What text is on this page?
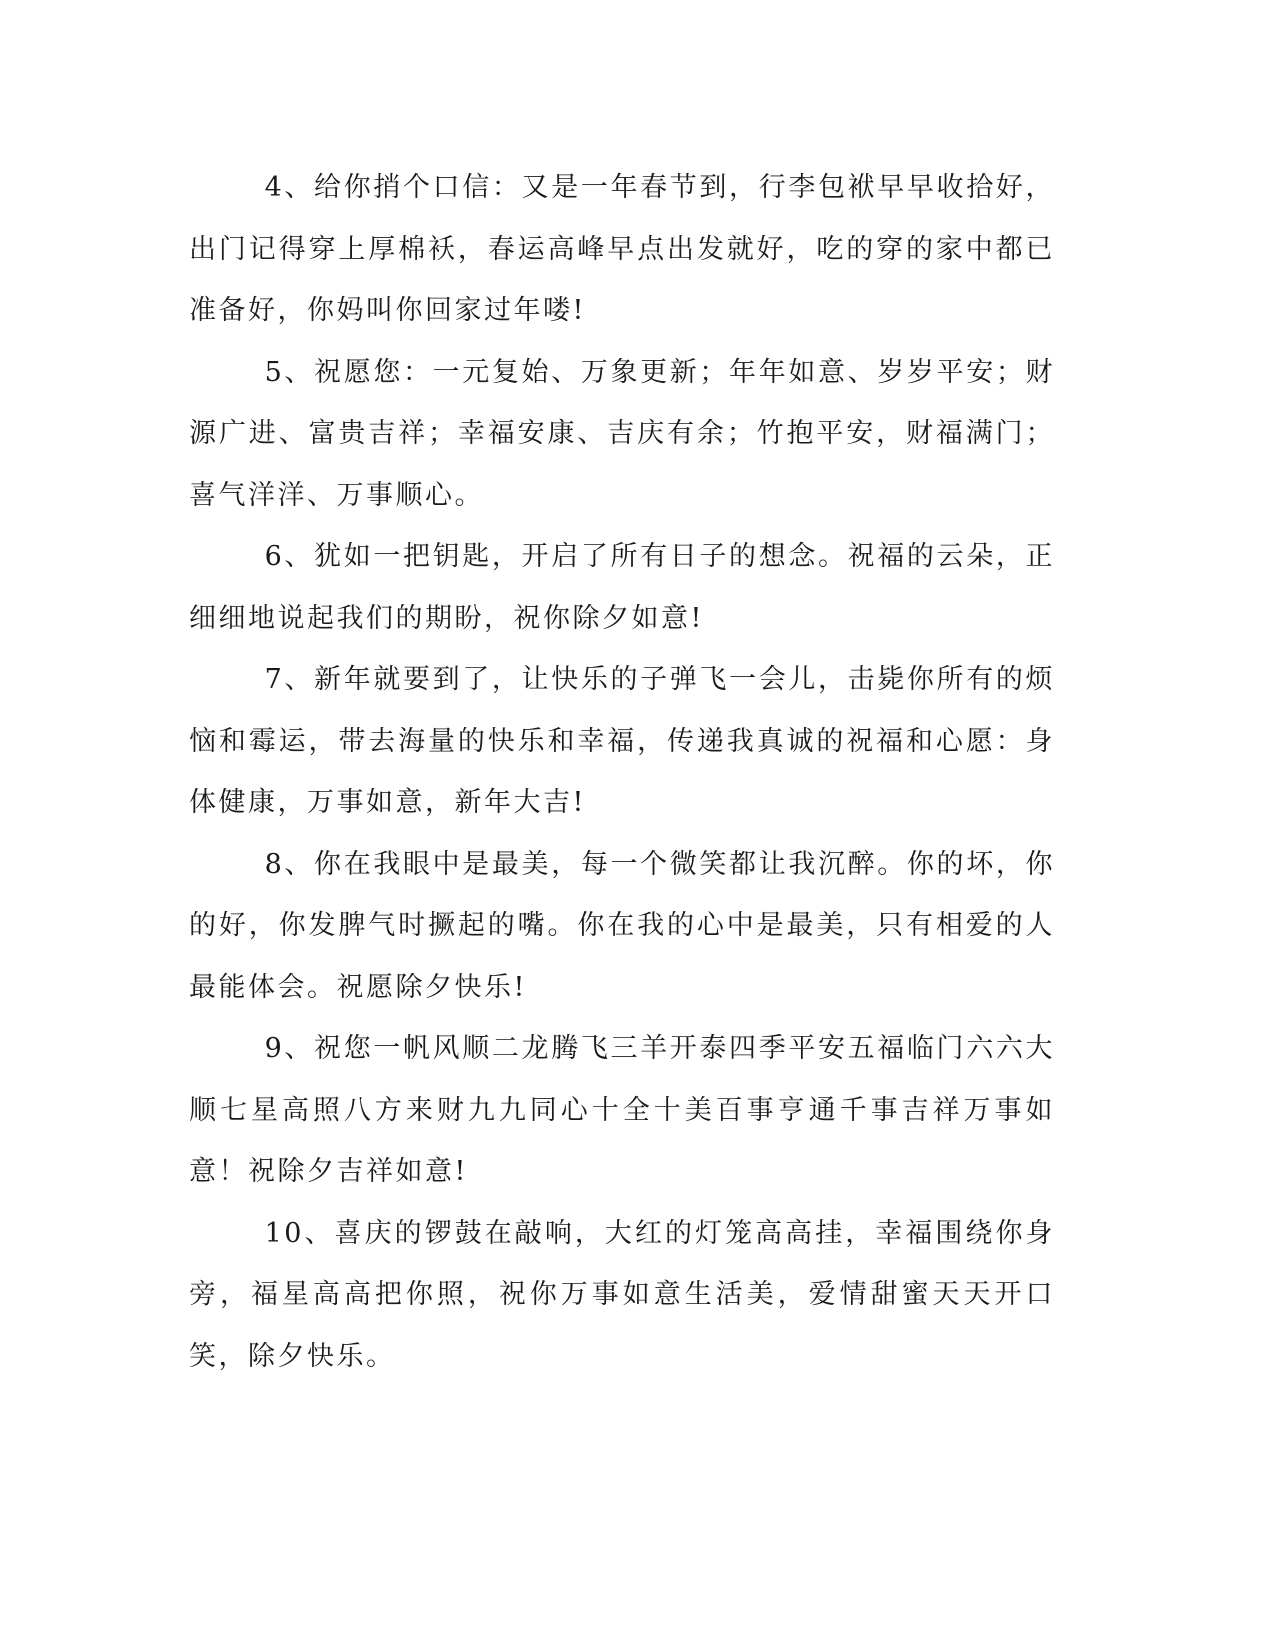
4、给你捎个口信：又是一年春节到，行李包袱早早收拾好，出门记得穿上厚棉袄，春运高峰早点出发就好，吃的穿的家中都已准备好，你妈叫你回家过年喽!

5、祝愿您：一元复始、万象更新；年年如意、岁岁平安；财源广进、富贵吉祥；幸福安康、吉庆有余；竹抱平安，财福满门；喜气洋洋、万事顺心。

6、犹如一把钥匙，开启了所有日子的想念。祝福的云朵，正细细地说起我们的期盼，祝你除夕如意!

7、新年就要到了，让快乐的子弹飞一会儿，击毙你所有的烦恼和霉运，带去海量的快乐和幸福，传递我真诚的祝福和心愿：身体健康，万事如意，新年大吉!

8、你在我眼中是最美，每一个微笑都让我沉醉。你的坏，你的好，你发脾气时撅起的嘴。你在我的心中是最美，只有相爱的人最能体会。祝愿除夕快乐!

9、祝您一帆风顺二龙腾飞三羊开泰四季平安五福临门六六大顺七星高照八方来财九九同心十全十美百事亨通千事吉祥万事如意！祝除夕吉祥如意!

10、喜庆的锣鼓在敲响，大红的灯笼高高挂，幸福围绕你身旁，福星高高把你照，祝你万事如意生活美，爱情甜蜜天天开口笑，除夕快乐。
